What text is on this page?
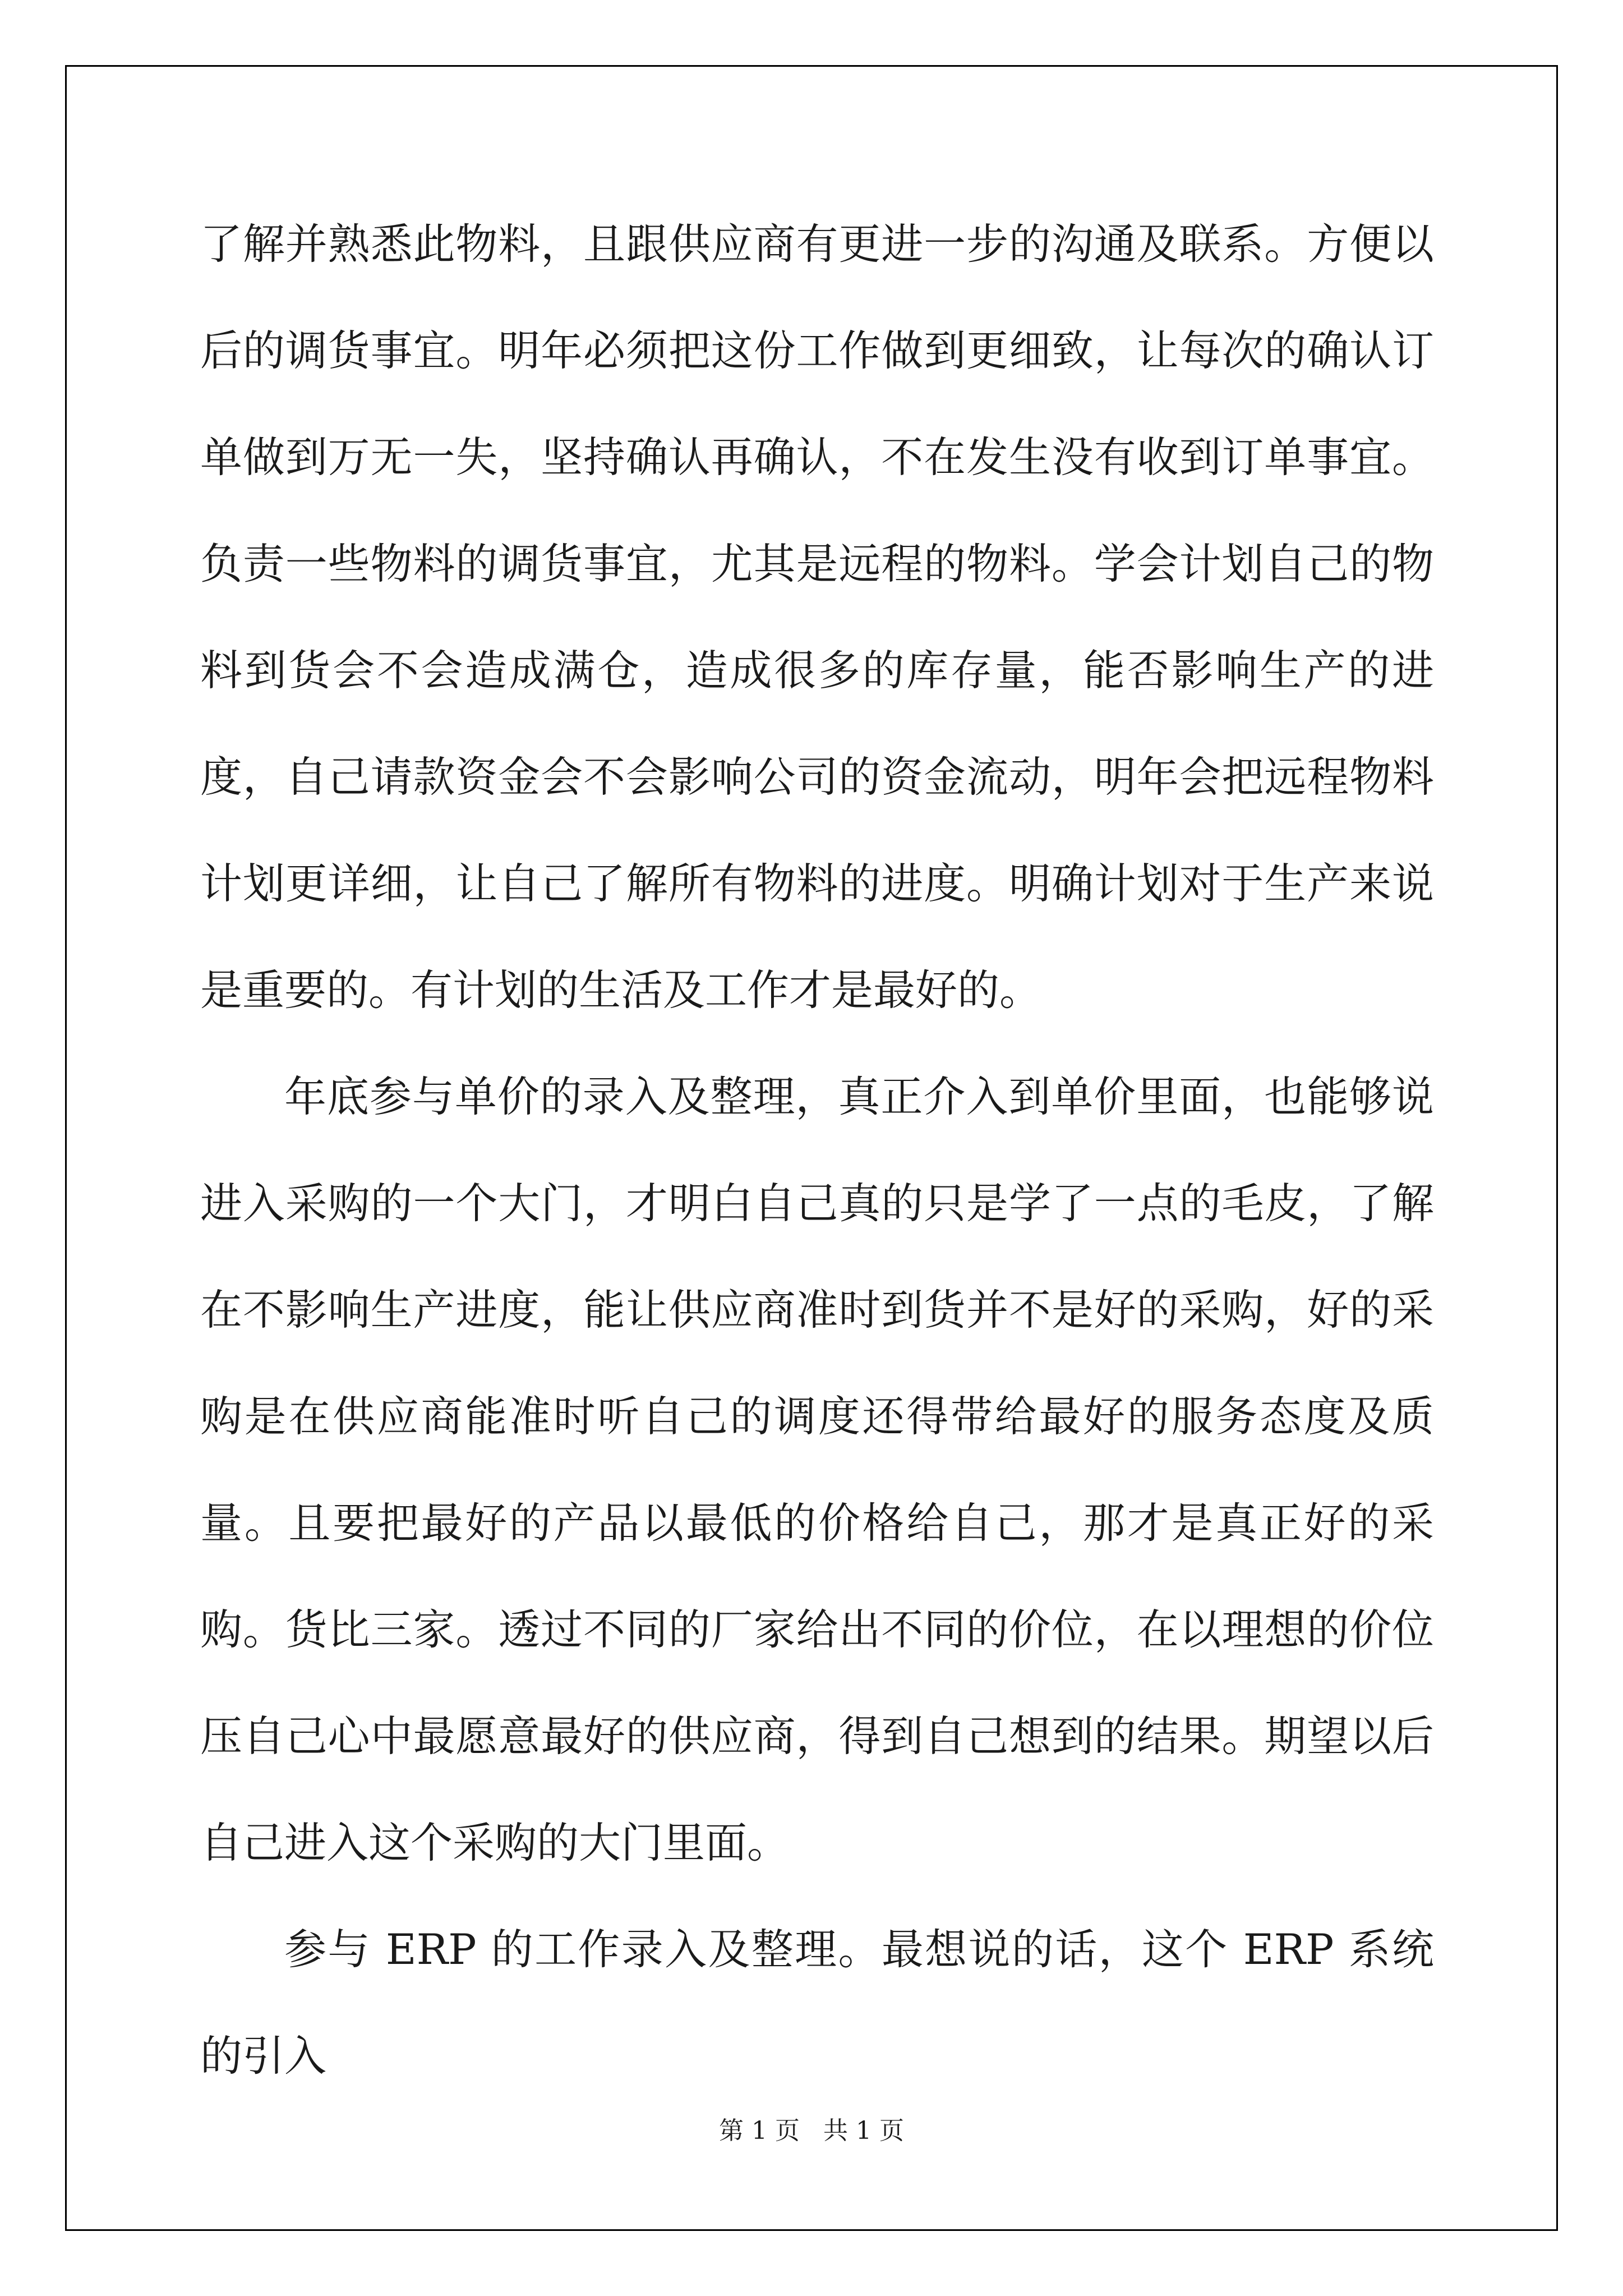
了解并熟悉此物料，且跟供应商有更进一步的沟通及联系。方便以后的调货事宜。明年必须把这份工作做到更细致，让每次的确认订单做到万无一失，坚持确认再确认，不在发生没有收到订单事宜。负责一些物料的调货事宜，尤其是远程的物料。学会计划自己的物料到货会不会造成满仓，造成很多的库存量，能否影响生产的进度，自己请款资金会不会影响公司的资金流动，明年会把远程物料计划更详细，让自己了解所有物料的进度。明确计划对于生产来说是重要的。有计划的生活及工作才是最好的。

年底参与单价的录入及整理，真正介入到单价里面，也能够说进入采购的一个大门，才明白自己真的只是学了一点的毛皮，了解在不影响生产进度，能让供应商准时到货并不是好的采购，好的采购是在供应商能准时听自己的调度还得带给最好的服务态度及质量。且要把最好的产品以最低的价格给自己，那才是真正好的采购。货比三家。透过不同的厂家给出不同的价位，在以理想的价位压自己心中最愿意最好的供应商，得到自己想到的结果。期望以后自己进入这个采购的大门里面。

参与 ERP 的工作录入及整理。最想说的话，这个 ERP 系统的引入

第 1 页   共 1 页
